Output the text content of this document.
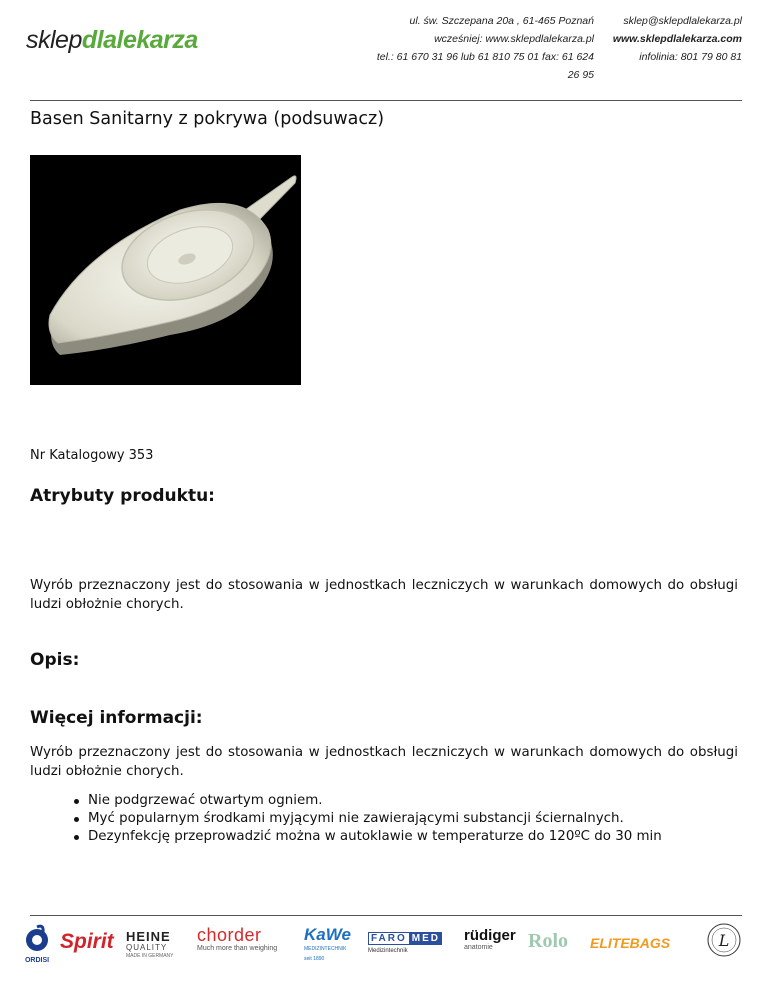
sklepdlalekarza
ul. św. Szczepana 20a , 61-465 Poznań
wcześniej: www.sklepdlalekarza.pl
tel.: 61 670 31 96 lub 61 810 75 01 fax: 61 624 26 95
sklep@sklepdlalekarza.pl
www.sklepdlalekarza.com
infolinia: 801 79 80 81
Basen Sanitarny z pokrywa (podsuwacz)
Nr Katalogowy 353
Atrybuty produktu:

Wyrób przeznaczony jest do stosowania w jednostkach leczniczych w warunkach domowych do obsługi ludzi obłożnie chorych.

Opis:
Więcej informacji:

Wyrób przeznaczony jest do stosowania w jednostkach leczniczych w warunkach domowych do obsługi ludzi obłożnie chorych.

Nie podgrzewać otwartym ogniem.
Myć popularnym środkami myjącymi nie zawierającymi substancji ściernalnych.
Dezynfekcję przeprowadzić można w autoklawie w temperaturze do 120ºC do 30 min
ORDISI
Spirit HEINE
QUALITY
MADE IN GERMANY
chorder
Much more than weighing
KaWe
MEDIZINTECHNIK
seit 1890
FARO MED
Medizintechnik
rüdiger
anatomie	Rolo ELITEBAGS	L
